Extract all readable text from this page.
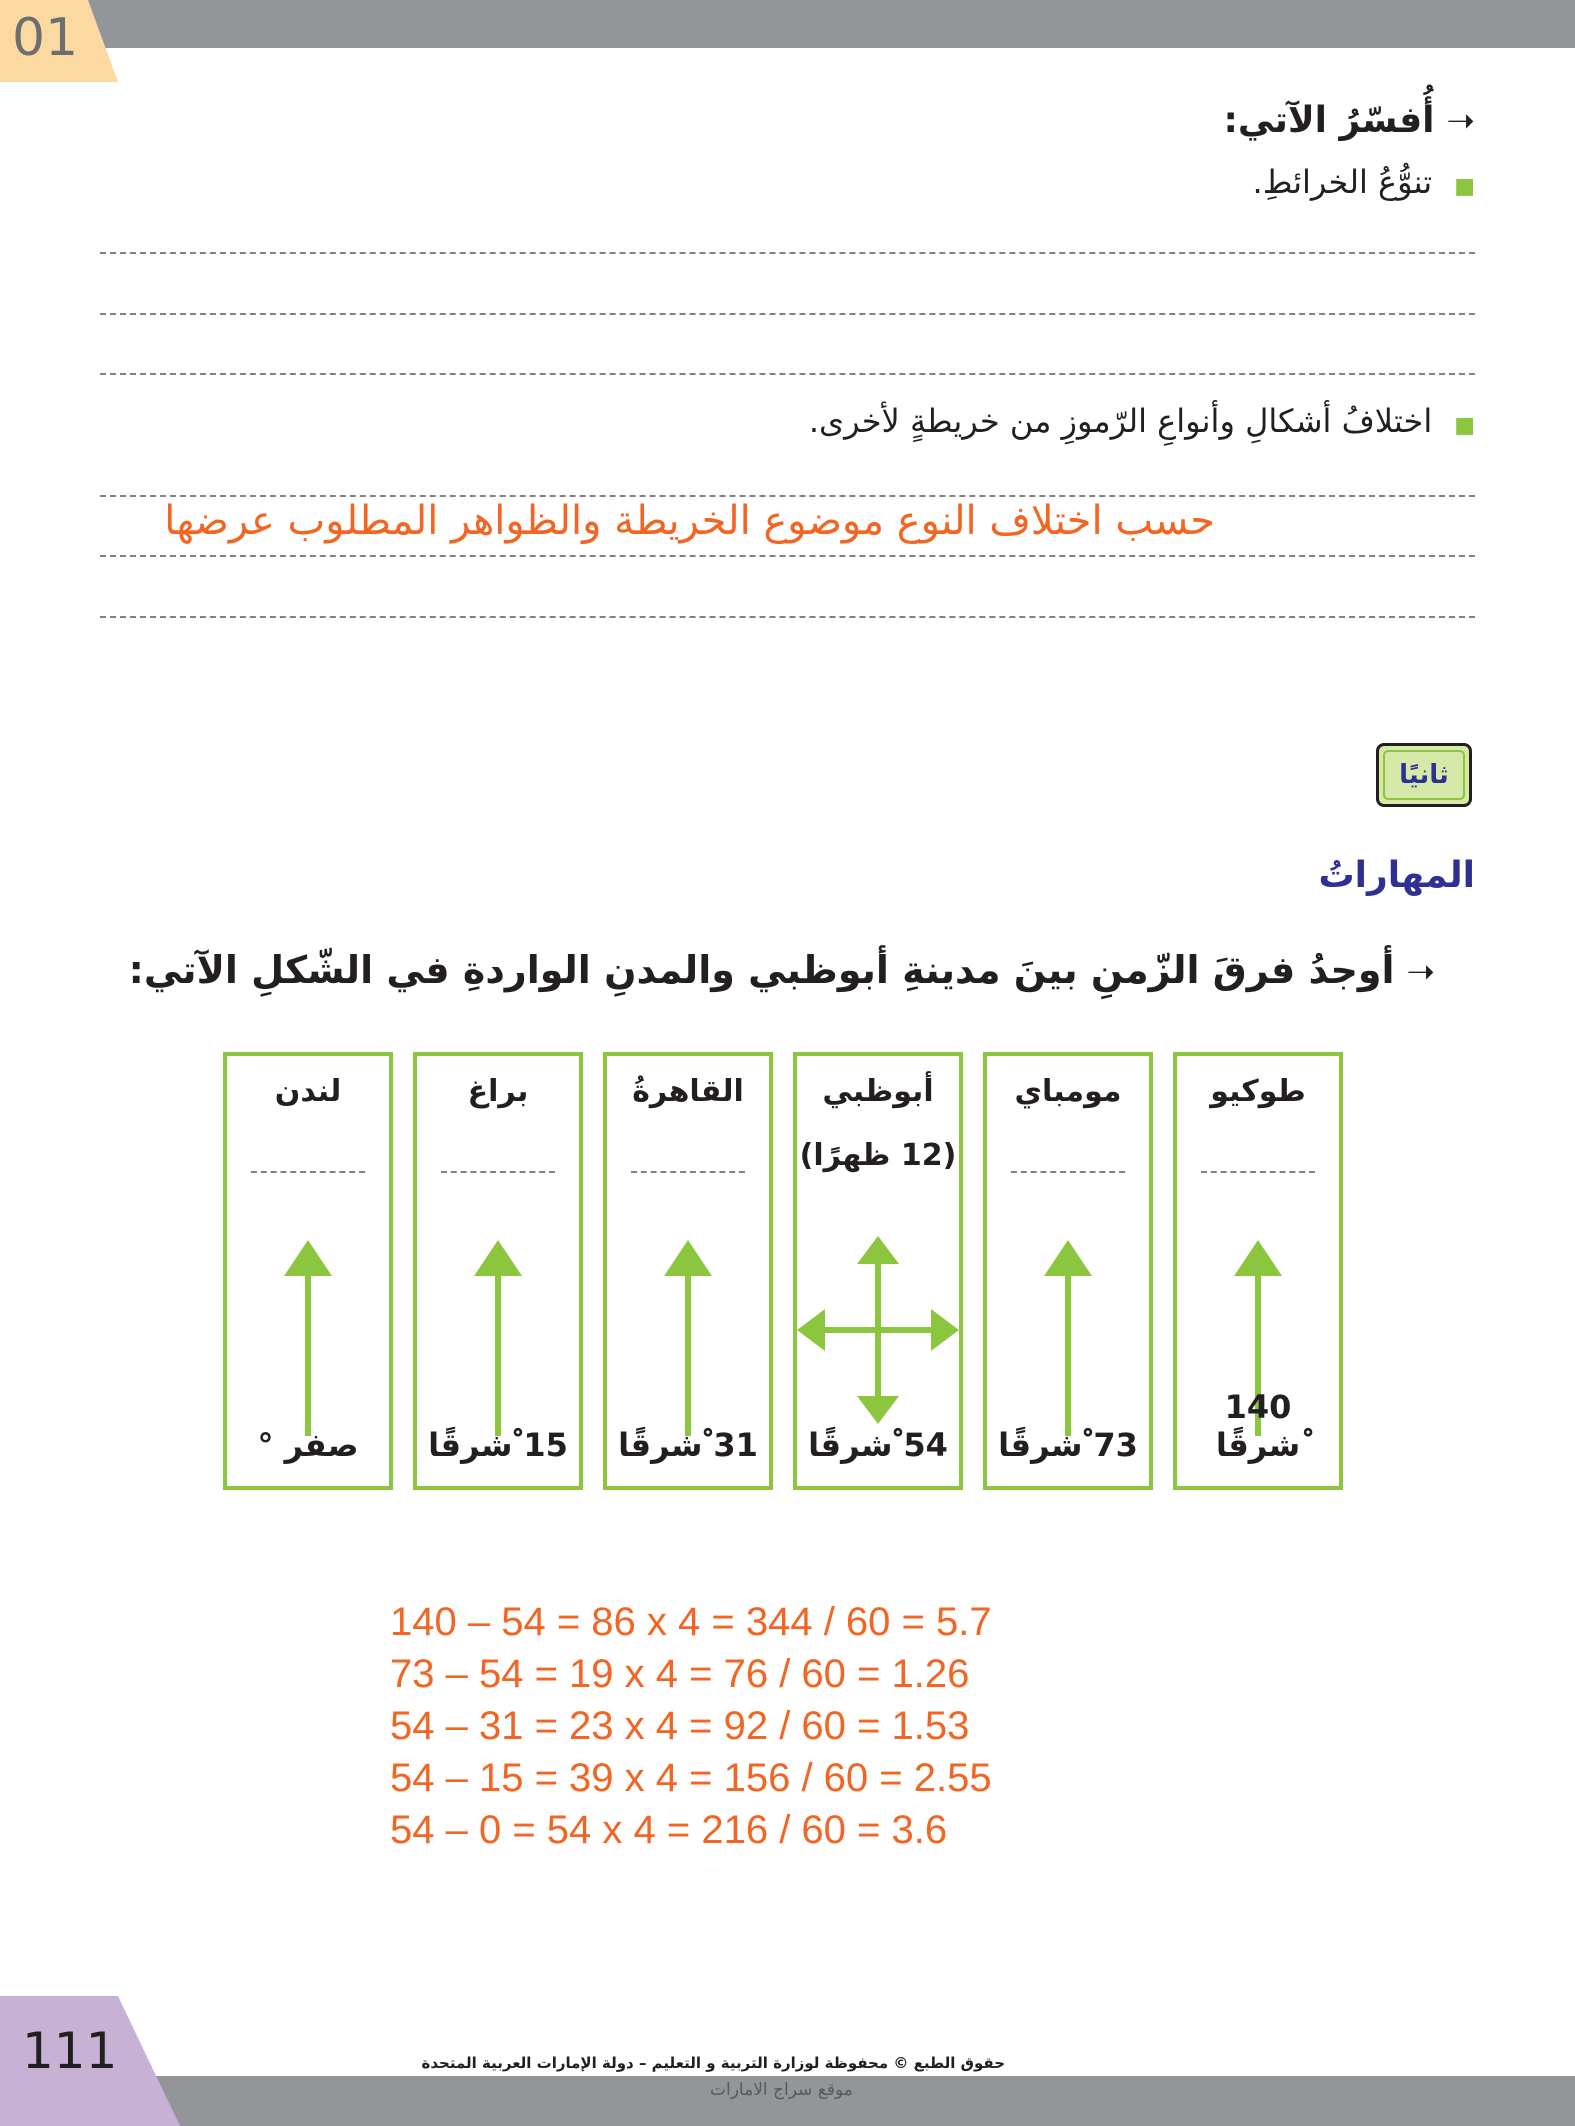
01
➝أُفسّرُ الآتي:
■تنوُّعُ الخرائطِ.
■اختلافُ أشكالِ وأنواعِ الرّموزِ من خريطةٍ لأخرى.
حسب اختلاف النوع موضوع الخريطة والظواهر المطلوب عرضها
ثانيًا
المهاراتُ
➝أوجدُ فرقَ الزّمنِ بينَ مدينةِ أبوظبي والمدنِ الواردةِ في الشّكلِ الآتي:
لندن
صفر °
براغ
15 ْشرقًا
القاهرةُ
31 ْشرقًا
أبوظبي
(12 ظهرًا)
54 ْشرقًا
مومباي
73 ْشرقًا
طوكيو
140 ْشرقًا
140 – 54 = 86 x 4 = 344 / 60 = 5.7
73 – 54 = 19 x 4 = 76 / 60 = 1.26
54 – 31 = 23 x 4 = 92 / 60 = 1.53
54 – 15 = 39 x 4 = 156 / 60 = 2.55
54 – 0 = 54 x 4 = 216 / 60 = 3.6
111	حقوق الطبع © محفوظة لوزارة التربية و التعليم – دولة الإمارات العربية المتحدة
موقع سراج الامارات
